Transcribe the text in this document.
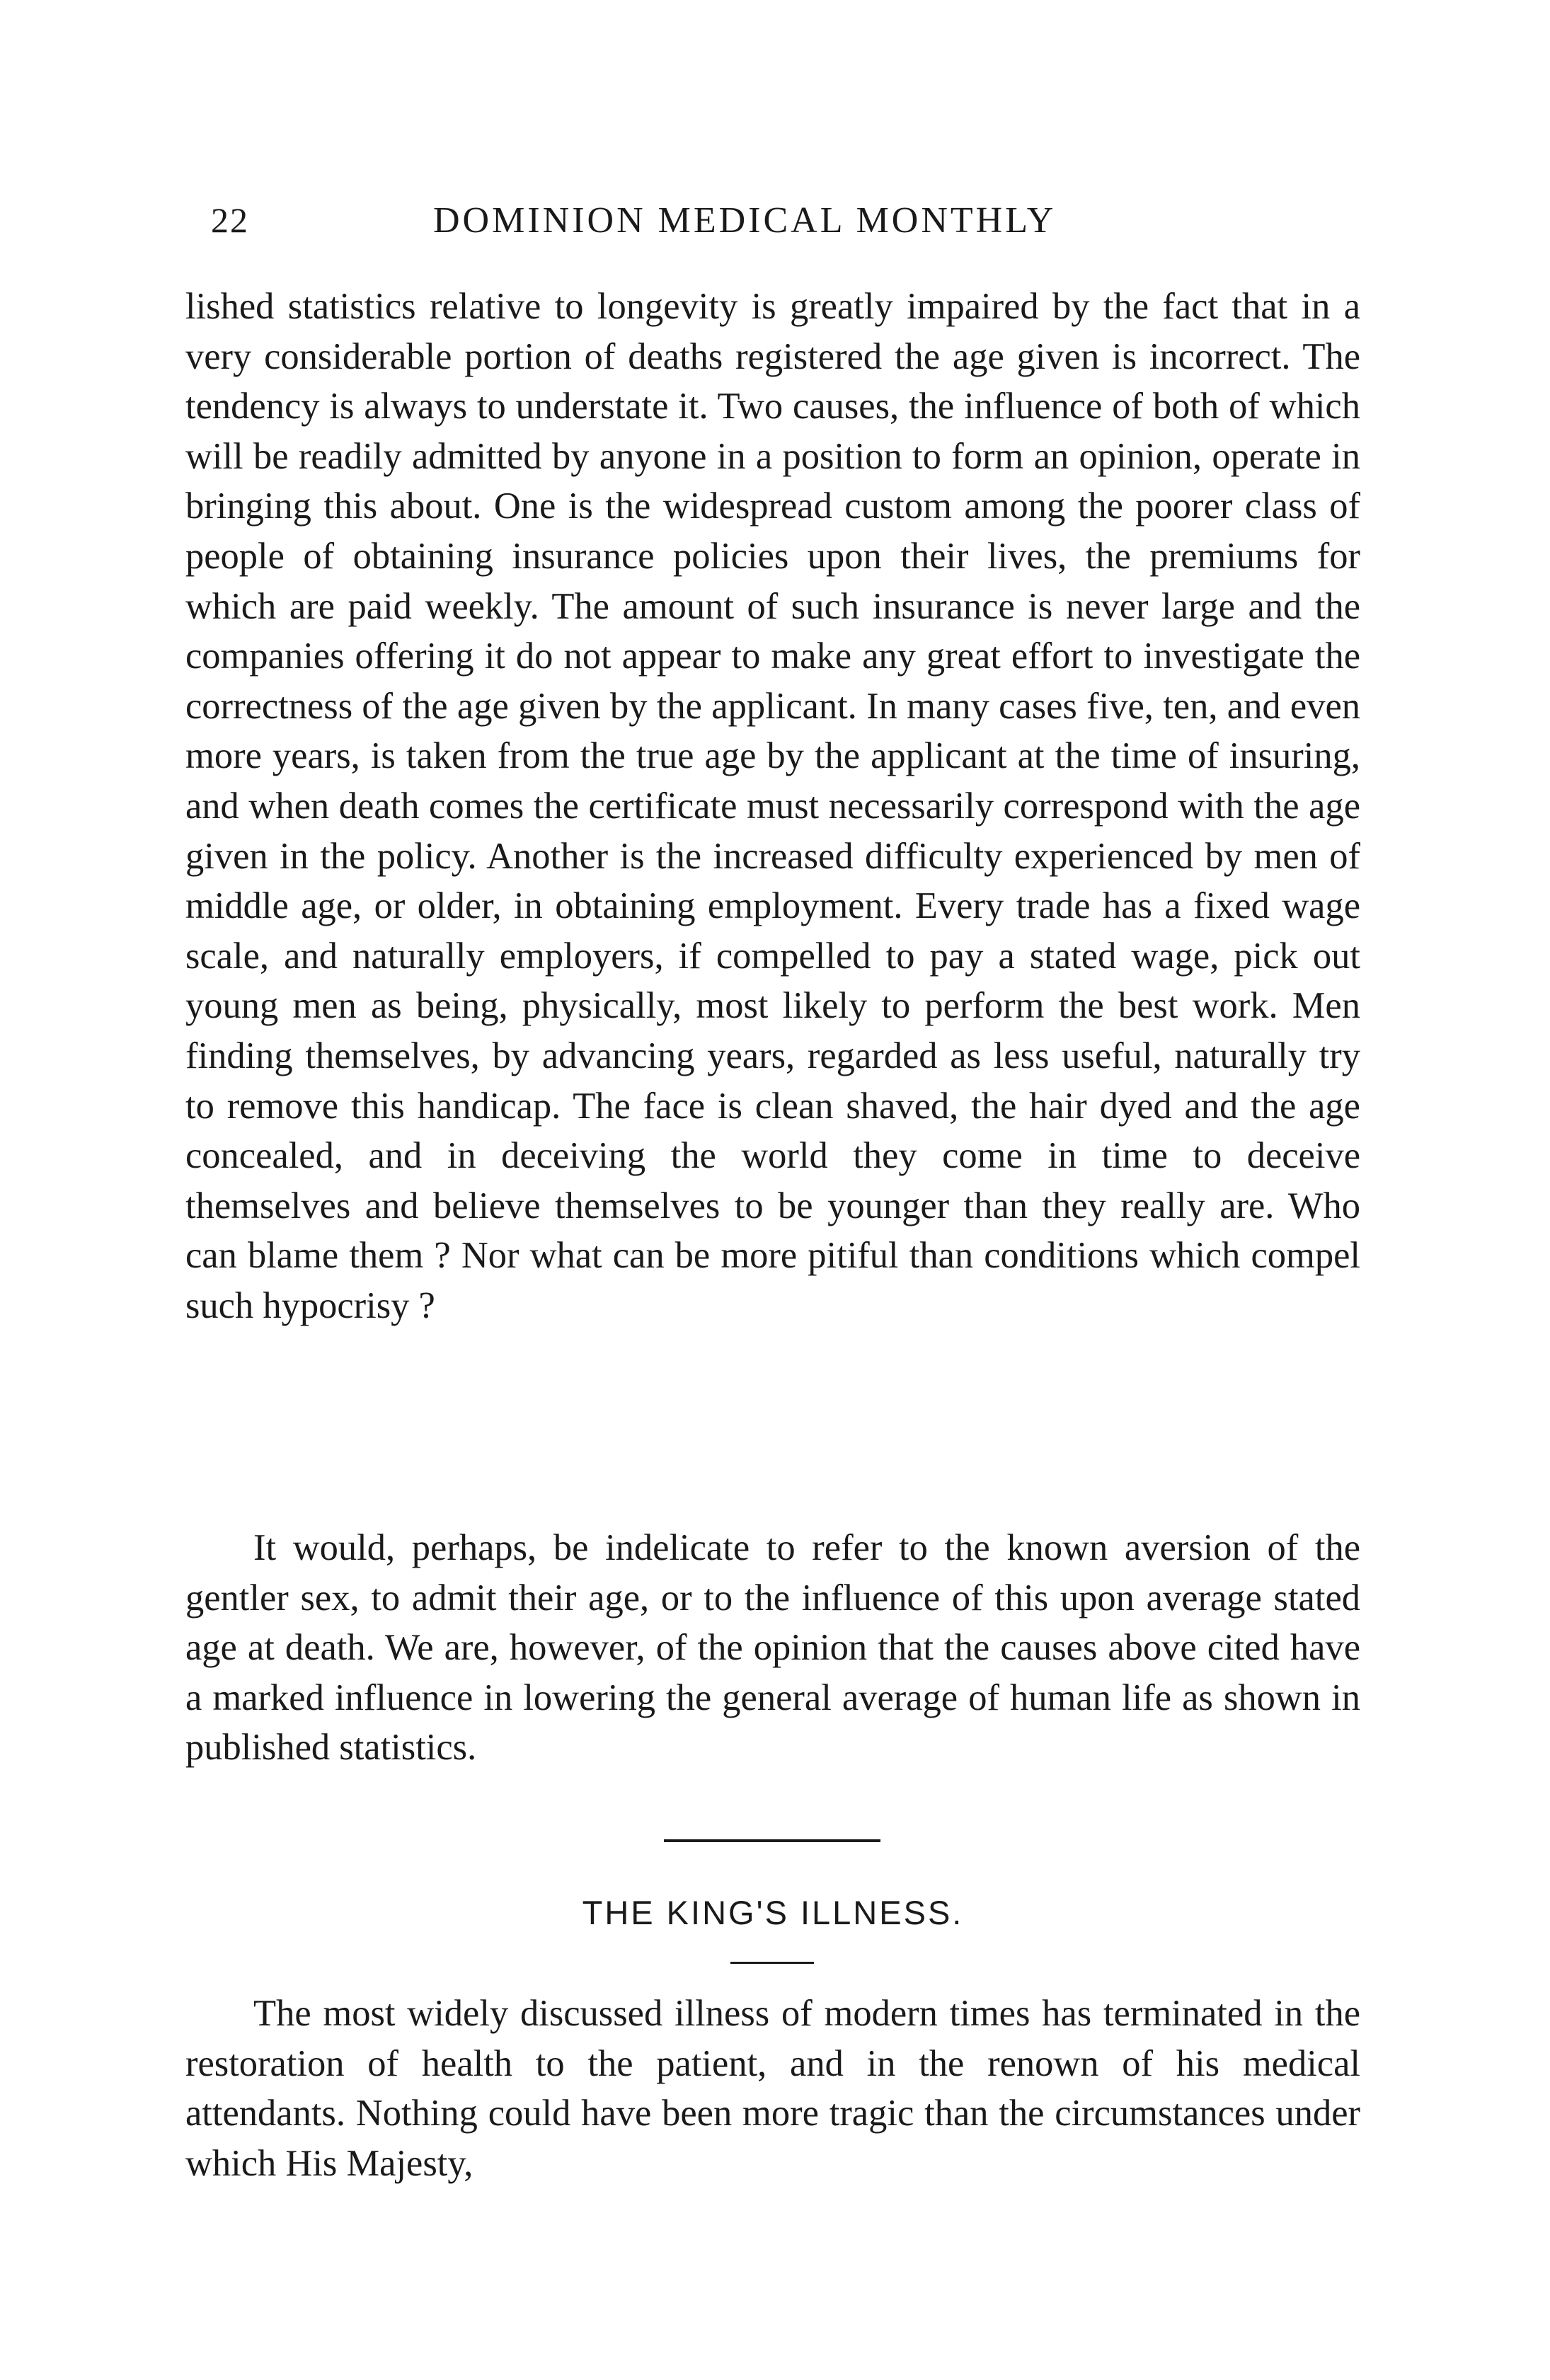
22	DOMINION MEDICAL MONTHLY

lished statistics relative to longevity is greatly impaired by the fact that in a very considerable portion of deaths registered the age given is incorrect. The tendency is always to understate it. Two causes, the influence of both of which will be readily admitted by anyone in a position to form an opinion, operate in bringing this about. One is the widespread custom among the poorer class of people of obtaining insurance policies upon their lives, the premiums for which are paid weekly. The amount of such insurance is never large and the companies offering it do not appear to make any great effort to investigate the correctness of the age given by the applicant. In many cases five, ten, and even more years, is taken from the true age by the applicant at the time of insuring, and when death comes the certificate must necessarily correspond with the age given in the policy. Another is the increased difficulty experienced by men of middle age, or older, in obtaining employment. Every trade has a fixed wage scale, and naturally employers, if compelled to pay a stated wage, pick out young men as being, physically, most likely to perform the best work. Men finding themselves, by advancing years, regarded as less useful, naturally try to remove this handicap. The face is clean shaved, the hair dyed and the age concealed, and in deceiving the world they come in time to deceive themselves and believe themselves to be younger than they really are. Who can blame them ? Nor what can be more pitiful than conditions which compel such hypocrisy ?

It would, perhaps, be indelicate to refer to the known aversion of the gentler sex, to admit their age, or to the influence of this upon average stated age at death. We are, however, of the opinion that the causes above cited have a marked influence in lowering the general average of human life as shown in published statistics.

THE KING'S ILLNESS.

The most widely discussed illness of modern times has terminated in the restoration of health to the patient, and in the renown of his medical attendants. Nothing could have been more tragic than the circumstances under which His Majesty,
